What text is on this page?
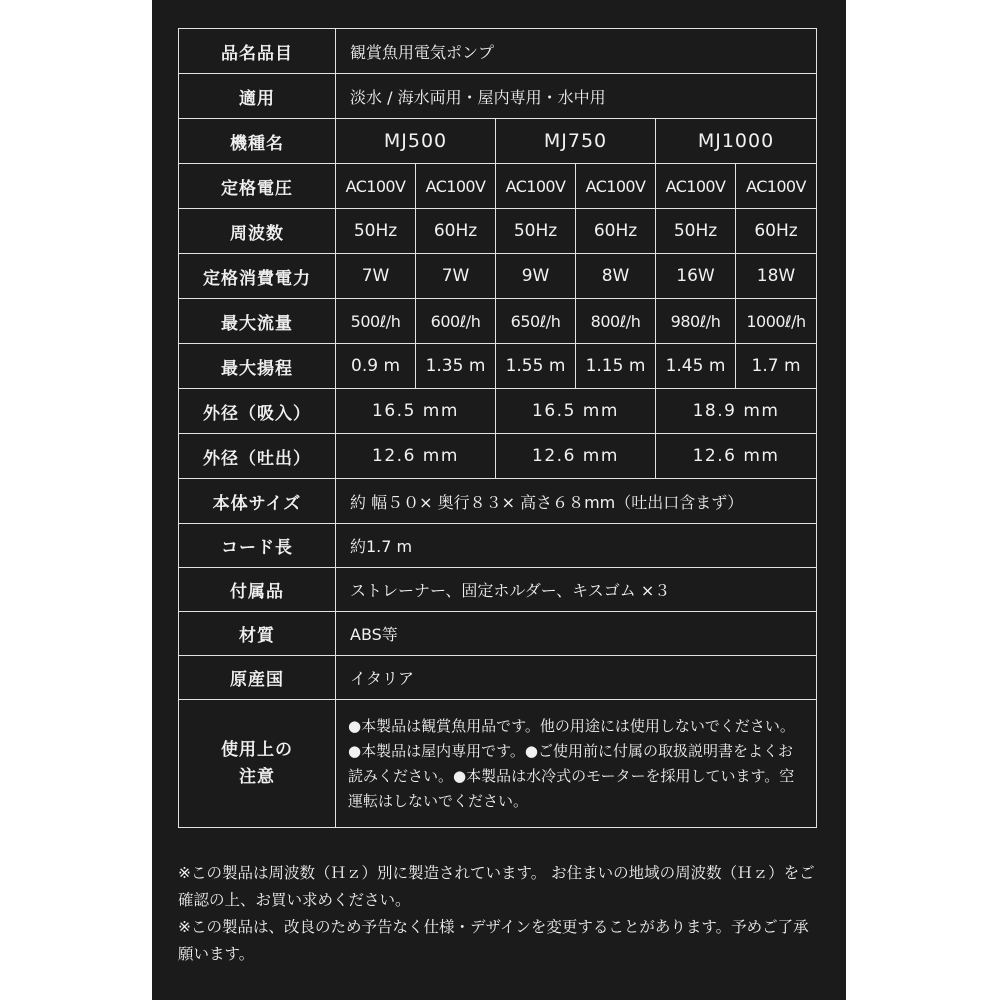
品名品目	観賞魚用電気ポンプ					
適用	淡水 / 海水両用・屋内専用・水中用					
機種名	MJ500		MJ750		MJ1000	
定格電圧	AC100V	AC100V	AC100V	AC100V	AC100V	AC100V
周波数	50Hz	60Hz	50Hz	60Hz	50Hz	60Hz
定格消費電力	7W	7W	9W	8W	16W	18W
最大流量	500ℓ/h	600ℓ/h	650ℓ/h	800ℓ/h	980ℓ/h	1000ℓ/h
最大揚程	0.9 m	1.35 m	1.55 m	1.15 m	1.45 m	1.7 m
外径（吸入）	16.5 mm		16.5 mm		18.9 mm	
外径（吐出）	12.6 mm		12.6 mm		12.6 mm	
本体サイズ	約 幅５０× 奥行８３× 高さ６８mm（吐出口含まず）					
コード長	約1.7 m					
付属品	ストレーナー、固定ホルダー、キスゴム ×３					
材質	ABS等					
原産国	イタリア					

使用上の
注意	●本製品は観賞魚用品です。他の用途には使用しないでください。●本製品は屋内専用です。●ご使用前に付属の取扱説明書をよくお読みください。●本製品は水冷式のモーターを採用しています。空運転はしないでください。					

※この製品は周波数（Ｈｚ）別に製造されています。 お住まいの地域の周波数（Ｈｚ）をご確認の上、お買い求めください。

※この製品は、改良のため予告なく仕様・デザインを変更することがあります。予めご了承願います。
